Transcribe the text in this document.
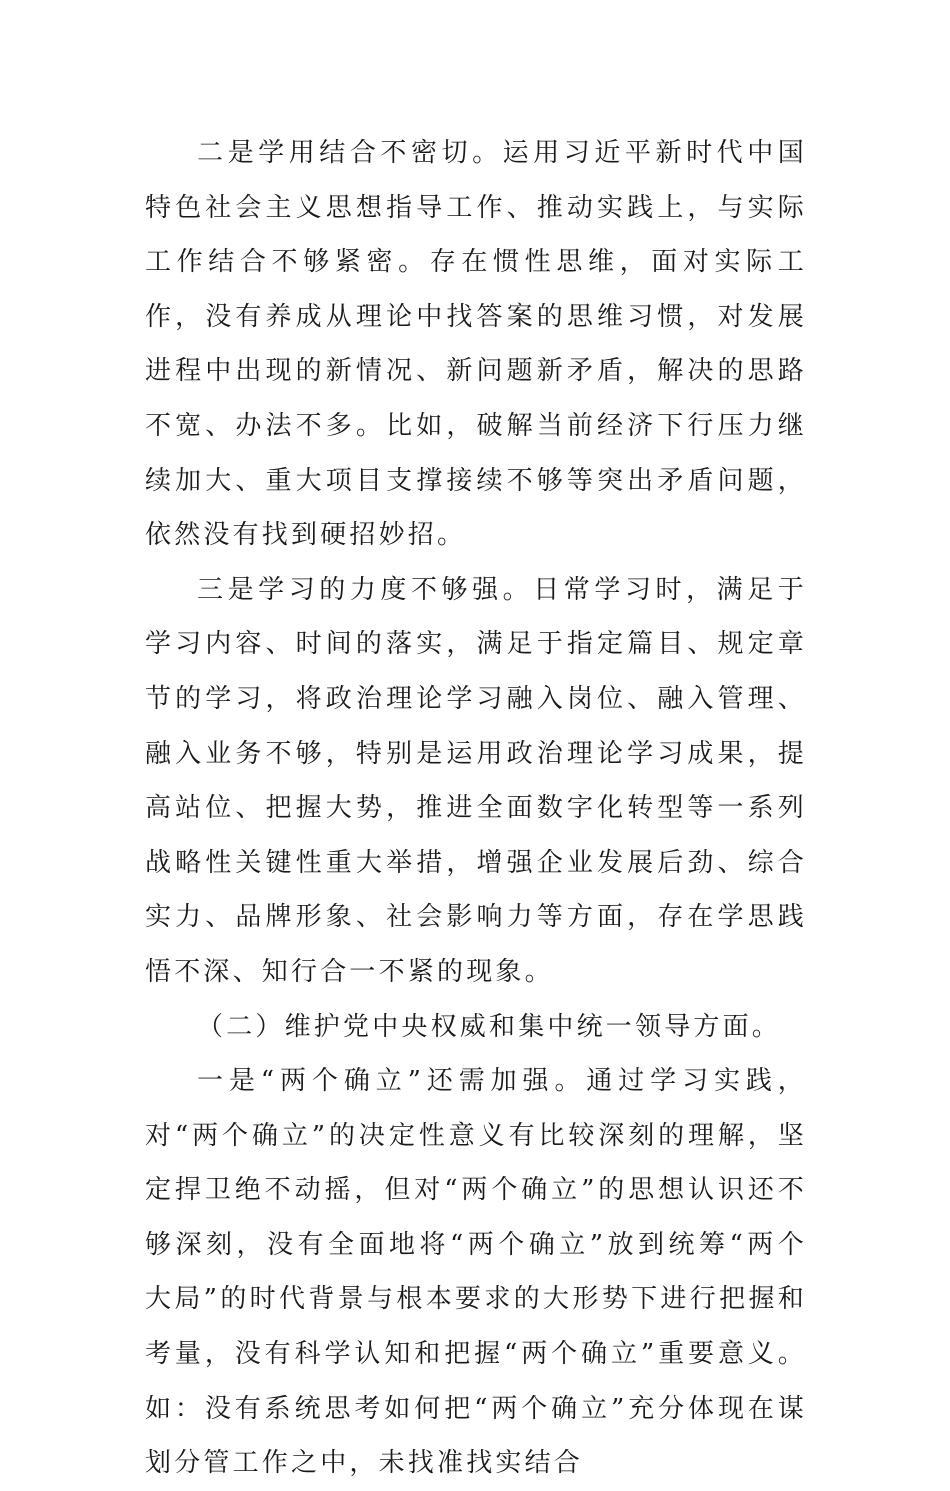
二是学用结合不密切。运用习近平新时代中国特色社会主义思想指导工作、推动实践上，与实际工作结合不够紧密。存在惯性思维，面对实际工作，没有养成从理论中找答案的思维习惯，对发展进程中出现的新情况、新问题新矛盾，解决的思路不宽、办法不多。比如，破解当前经济下行压力继续加大、重大项目支撑接续不够等突出矛盾问题，依然没有找到硬招妙招。

三是学习的力度不够强。日常学习时，满足于学习内容、时间的落实，满足于指定篇目、规定章节的学习，将政治理论学习融入岗位、融入管理、融入业务不够，特别是运用政治理论学习成果，提高站位、把握大势，推进全面数字化转型等一系列战略性关键性重大举措，增强企业发展后劲、综合实力、品牌形象、社会影响力等方面，存在学思践悟不深、知行合一不紧的现象。

（二）维护党中央权威和集中统一领导方面。

一是“两个确立”还需加强。通过学习实践，对“两个确立”的决定性意义有比较深刻的理解，坚定捍卫绝不动摇，但对“两个确立”的思想认识还不够深刻，没有全面地将“两个确立”放到统筹“两个大局”的时代背景与根本要求的大形势下进行把握和考量，没有科学认知和把握“两个确立”重要意义。如：没有系统思考如何把“两个确立”充分体现在谋划分管工作之中，未找准找实结合
